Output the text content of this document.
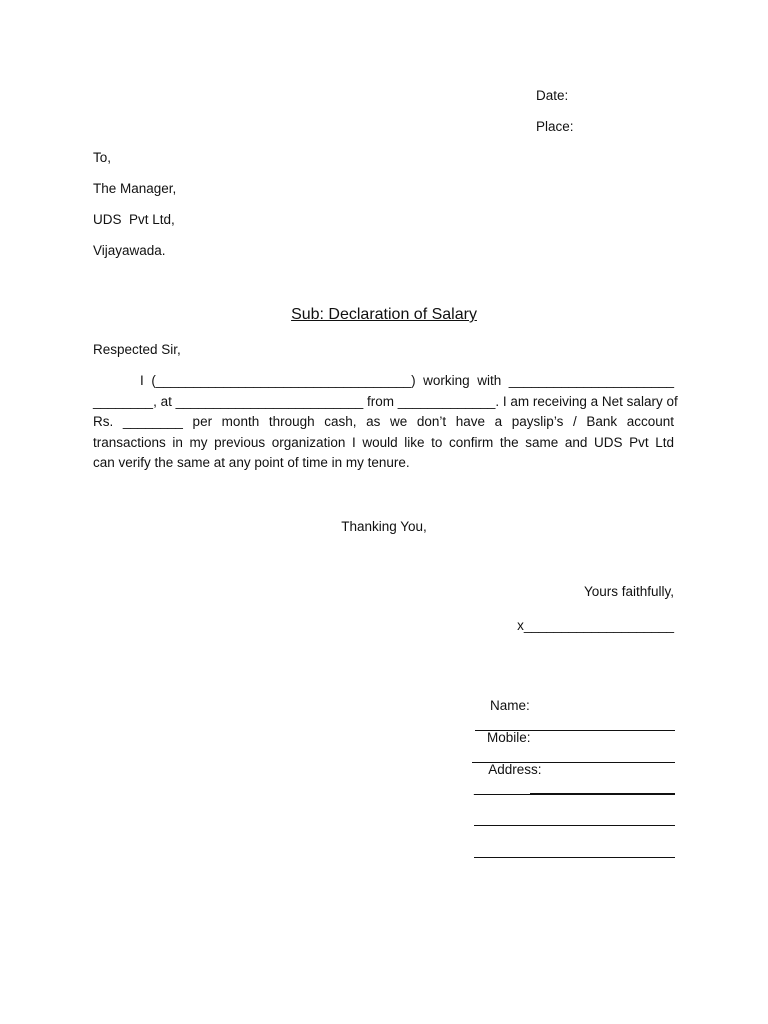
Date:
Place:
To,
The Manager,
UDS  Pvt Ltd,
Vijayawada.
Sub: Declaration of Salary
Respected Sir,
I (__________________________________) working with ______________________
________, at _________________________ from _____________. I am receiving a Net salary of
Rs. ________ per month through cash, as we don’t have a payslip’s / Bank account
transactions in my previous organization I would like to confirm the same and UDS Pvt Ltd
can verify the same at any point of time in my tenure.
Thanking You,
Yours faithfully,
x____________________

Name:

Mobile:

Address:

________
